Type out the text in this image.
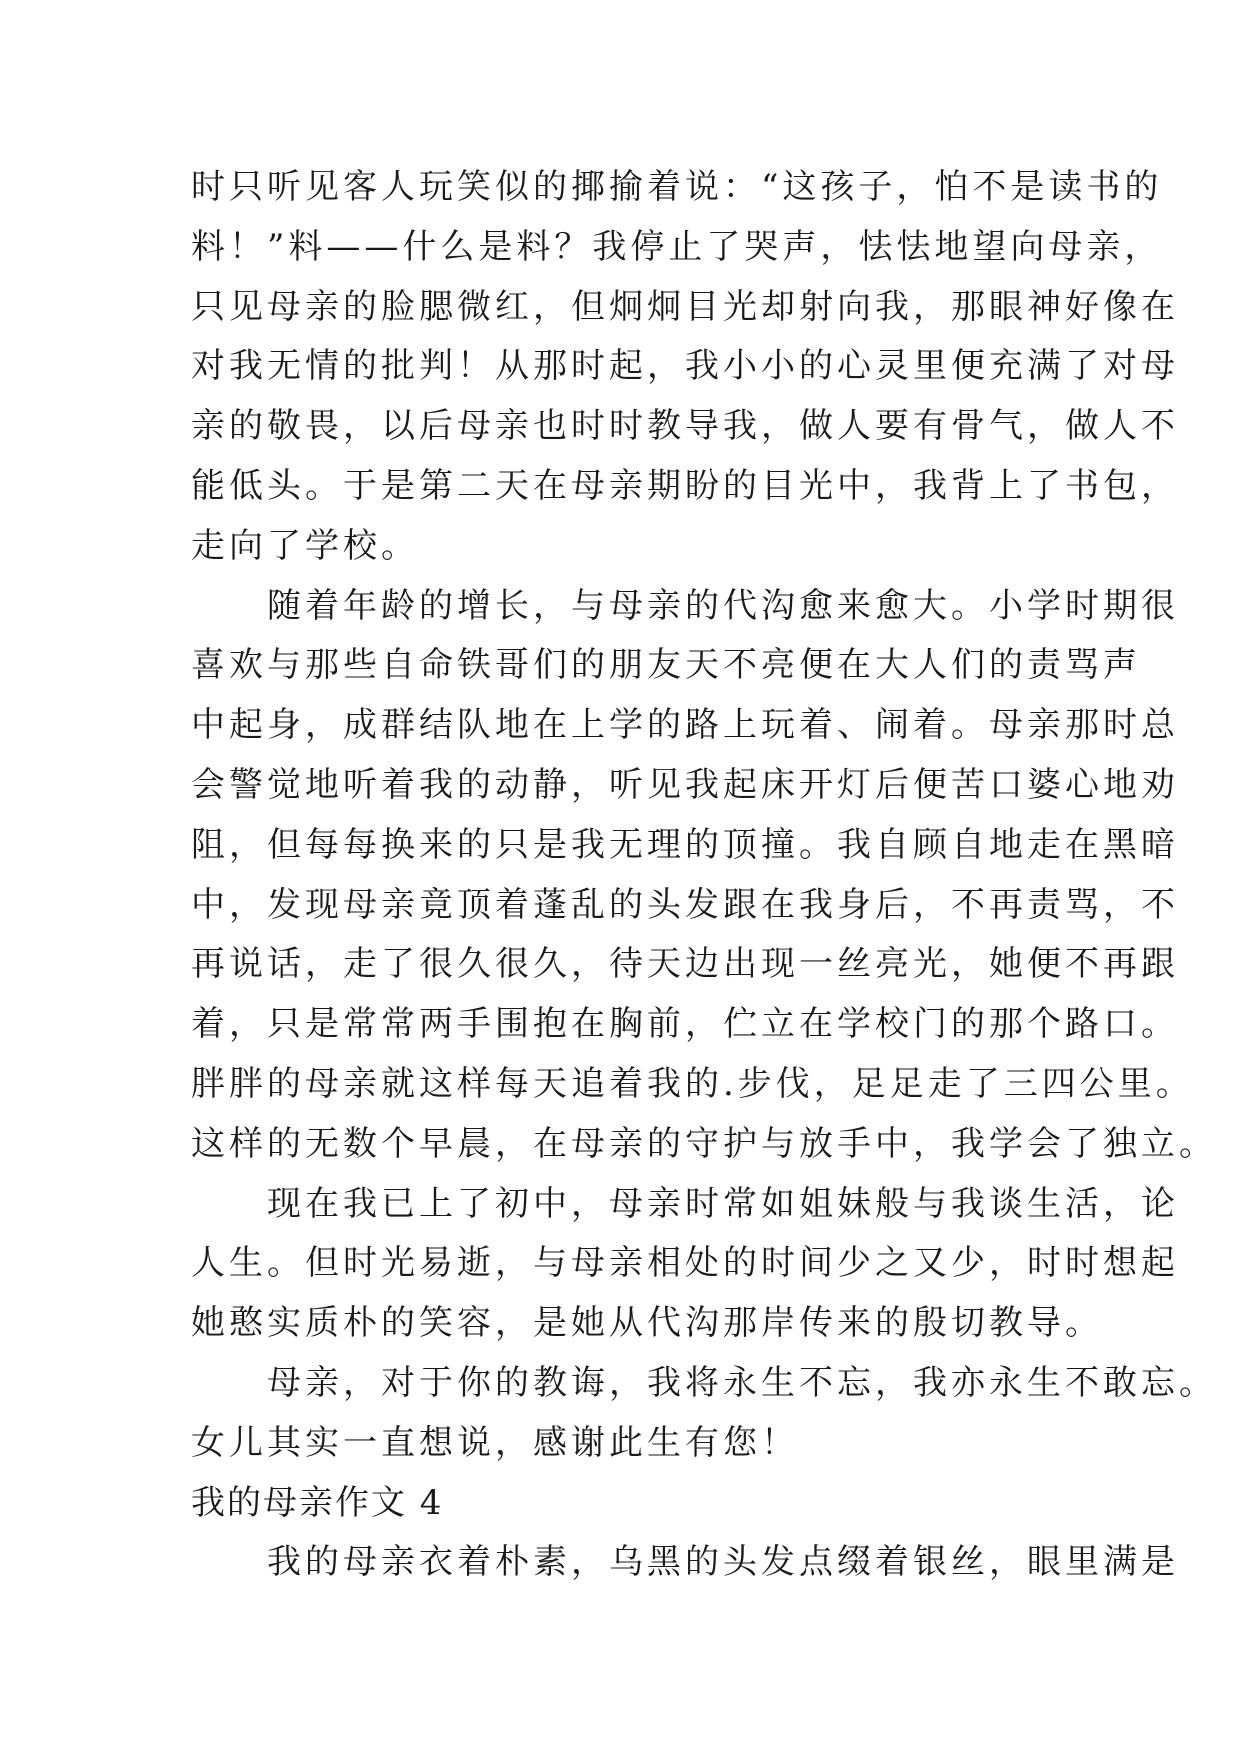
时只听见客人玩笑似的揶揄着说：“这孩子，怕不是读书的
料！”料——什么是料？我停止了哭声，怯怯地望向母亲，
只见母亲的脸腮微红，但炯炯目光却射向我，那眼神好像在
对我无情的批判！从那时起，我小小的心灵里便充满了对母
亲的敬畏，以后母亲也时时教导我，做人要有骨气，做人不
能低头。于是第二天在母亲期盼的目光中，我背上了书包，
走向了学校。
　　随着年龄的增长，与母亲的代沟愈来愈大。小学时期很
喜欢与那些自命铁哥们的朋友天不亮便在大人们的责骂声
中起身，成群结队地在上学的路上玩着、闹着。母亲那时总
会警觉地听着我的动静，听见我起床开灯后便苦口婆心地劝
阻，但每每换来的只是我无理的顶撞。我自顾自地走在黑暗
中，发现母亲竟顶着蓬乱的头发跟在我身后，不再责骂，不
再说话，走了很久很久，待天边出现一丝亮光，她便不再跟
着，只是常常两手围抱在胸前，伫立在学校门的那个路口。
胖胖的母亲就这样每天追着我的.步伐，足足走了三四公里。
这样的无数个早晨，在母亲的守护与放手中，我学会了独立。
　　现在我已上了初中，母亲时常如姐妹般与我谈生活，论
人生。但时光易逝，与母亲相处的时间少之又少，时时想起
她憨实质朴的笑容，是她从代沟那岸传来的殷切教导。
　　母亲，对于你的教诲，我将永生不忘，我亦永生不敢忘。
女儿其实一直想说，感谢此生有您！
我的母亲作文 4
　　我的母亲衣着朴素，乌黑的头发点缀着银丝，眼里满是
